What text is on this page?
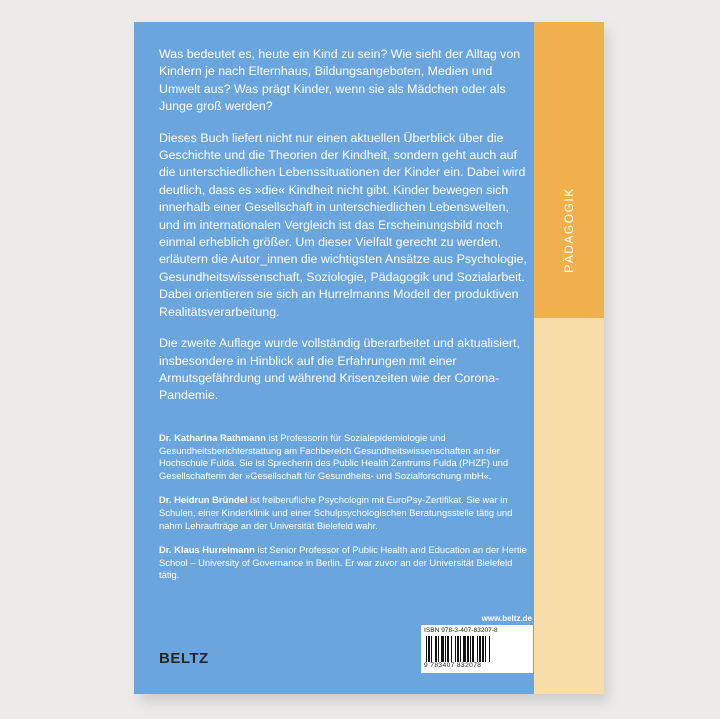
PÄDAGOGIK

Was bedeutet es, heute ein Kind zu sein? Wie sieht der Alltag von Kindern je nach Elternhaus, Bildungsangeboten, Medien und Umwelt aus? Was prägt Kinder, wenn sie als Mädchen oder als Junge groß werden?

Dieses Buch liefert nicht nur einen aktuellen Überblick über die Geschichte und die Theorien der Kindheit, sondern geht auch auf die unterschiedlichen Lebenssituationen der Kinder ein. Dabei wird deutlich, dass es »die« Kindheit nicht gibt. Kinder bewegen sich innerhalb einer Gesellschaft in unterschiedlichen Lebenswelten, und im internationalen Vergleich ist das Erscheinungsbild noch einmal erheblich größer. Um dieser Vielfalt gerecht zu werden, erläutern die Autor_innen die wichtigsten Ansätze aus Psychologie, Gesundheitswissenschaft, Soziologie, Pädagogik und Sozialarbeit. Dabei orientieren sie sich an Hurrelmanns Modell der produktiven Realitätsverarbeitung.

Die zweite Auflage wurde vollständig überarbeitet und aktualisiert, insbesondere in Hinblick auf die Erfahrungen mit einer Armutsgefährdung und während Krisenzeiten wie der Corona-Pandemie.

Dr. Katharina Rathmann ist Professorin für Sozialepidemiologie und Gesundheitsberichterstattung am Fachbereich Gesundheitswissenschaften an der Hochschule Fulda. Sie ist Sprecherin des Public Health Zentrums Fulda (PHZF) und Gesellschafterin der »Gesellschaft für Gesundheits- und Sozialforschung mbH«.

Dr. Heidrun Bründel ist freiberufliche Psychologin mit EuroPsy-Zertifikat. Sie war in Schulen, einer Kinderklinik und einer Schulpsychologischen Beratungsstelle tätig und nahm Lehraufträge an der Universität Bielefeld wahr.

Dr. Klaus Hurrelmann ist Senior Professor of Public Health and Education an der Hertie School – University of Governance in Berlin. Er war zuvor an der Universität Bielefeld tätig.

www.beltz.de
BELTZ
ISBN 978-3-407-83207-8
9 783407 832078
